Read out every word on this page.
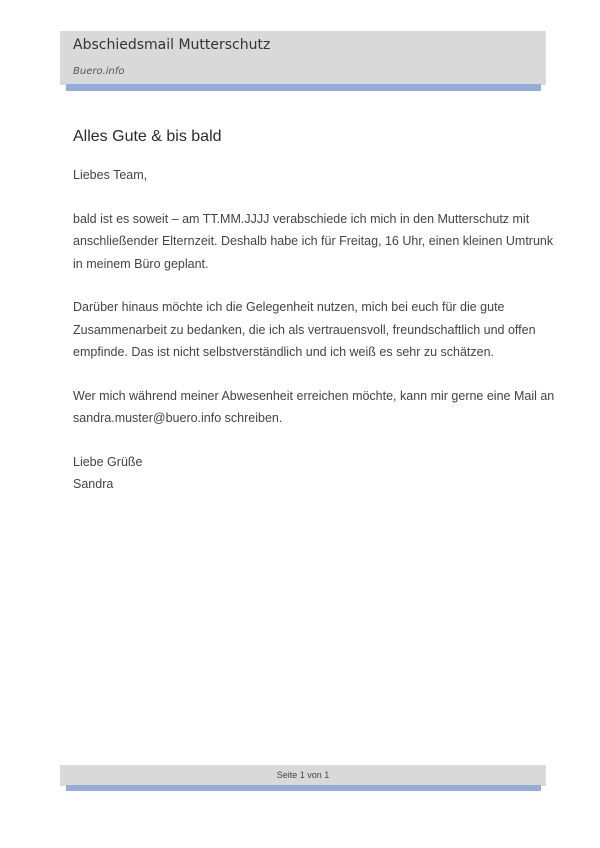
Abschiedsmail Mutterschutz
Buero.info
Alles Gute & bis bald
Liebes Team,
bald ist es soweit – am TT.MM.JJJJ verabschiede ich mich in den Mutterschutz mit
anschließender Elternzeit. Deshalb habe ich für Freitag, 16 Uhr, einen kleinen Umtrunk
in meinem Büro geplant.
Darüber hinaus möchte ich die Gelegenheit nutzen, mich bei euch für die gute
Zusammenarbeit zu bedanken, die ich als vertrauensvoll, freundschaftlich und offen
empfinde. Das ist nicht selbstverständlich und ich weiß es sehr zu schätzen.
Wer mich während meiner Abwesenheit erreichen möchte, kann mir gerne eine Mail an
sandra.muster@buero.info schreiben.
Liebe Grüße
Sandra
Seite 1 von 1
